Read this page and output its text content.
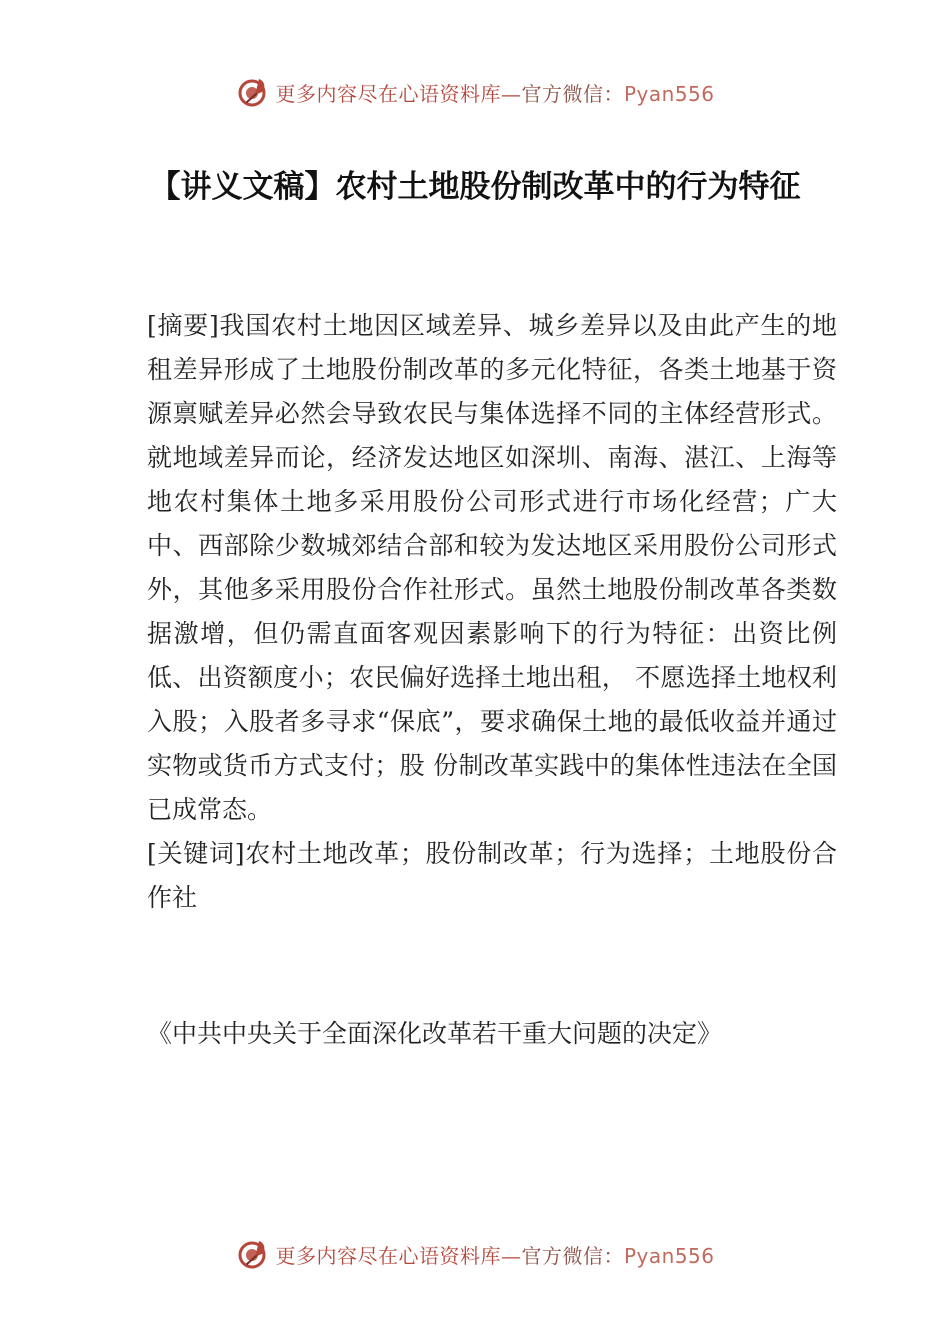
更多内容尽在心语资料库—官方微信：Pyan556
【讲义文稿】农村土地股份制改革中的行为特征

[摘要]我国农村土地因区域差异、城乡差异以及由此产生的地租差异形成了土地股份制改革的多元化特征，各类土地基于资源禀赋差异必然会导致农民与集体选择不同的主体经营形式。就地域差异而论，经济发达地区如深圳、南海、湛江、上海等地农村集体土地多采用股份公司形式进行市场化经营；广大中、西部除少数城郊结合部和较为发达地区采用股份公司形式外，其他多采用股份合作社形式。虽然土地股份制改革各类数据激增，但仍需直面客观因素影响下的行为特征：出资比例低、出资额度小；农民偏好选择土地出租， 不愿选择土地权利入股；入股者多寻求“保底”，要求确保土地的最低收益并通过实物或货币方式支付；股 份制改革实践中的集体性违法在全国已成常态。

[关键词]农村土地改革；股份制改革；行为选择；土地股份合作社

《中共中央关于全面深化改革若干重大问题的决定》

更多内容尽在心语资料库—官方微信：Pyan556
